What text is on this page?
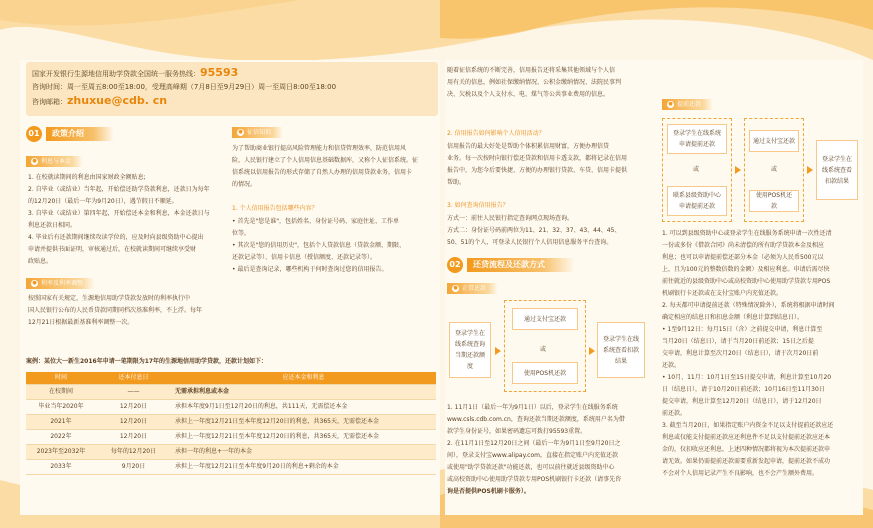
国家开发银行生源地信用助学贷款全国统一服务热线：95593
咨询时间：周一至周五8:00至18:00，受理高峰期（7月8日至9月29日）周一至周日8:00至18:00
咨询邮箱：zhuxue@cdb. cn
01	政策介绍
● 利息与本金

1. 在校就读期间的利息由国家财政全额贴息;

2. 自毕业（或结业）当年起，开始偿还助学贷款利息，还款日为每年

的12月20日（最后一年为9月20日），遇节假日不顺延。

3. 自毕业（或结业）第四年起，开始偿还本金和利息，本金还款日与

利息还款日相同。

4. 毕业后有还款期间继续攻读学位的，应及时向县级资助中心提出

申请并提供书面证明，审核通过后，在校就读期间可继续享受财

政贴息。

● 利率及利率调整

按照国家有关规定，生源地信用助学贷款发放时的利率执行中

国人民银行公布的人民币贷款同期同档次基准利率，不上浮。每年

12月21日根据最新基准利率调整一次。

案例：某位大一新生2016年申请一笔期限为17年的生源地信用助学贷款，还款计划如下：
时间	还本付息日	应还本金和利息
在校期间	——	无需承担利息或本金
毕业当年2020年	12月20日	承担本年度9月1日至12月20日的利息，共111天，无需偿还本金
2021年	12月20日	承担上一年度12月21日至本年度12月20日的利息，共365天，无需偿还本金
2022年	12月20日	承担上一年度12月21日至本年度12月20日的利息，共365天，无需偿还本金
2023年至2032年	每年的12月20日	承担一年的利息+一年的本金
2033年	9月20日	承担上一年度12月21日至本年度9月20日的利息+剩余的本金
● 征信知识

为了帮助商业银行提高风险管理能力和信贷管理效率，防范信用风

险，人民银行建立了个人信用信息基础数据库，又称个人征信系统。征

信系统以信用报告的形式存储了自然人办理的信用贷款业务，信用卡

的情况。

1. 个人信用报告包括哪些内容？

• 首先是"您是谁"，包括姓名、身份证号码、家庭住址、工作单

位等。

• 其次是"您的信用历史"，包括个人贷款信息（贷款金额、期限、

还款记录等）、信用卡信息（授信额度、还款记录等）。

• 最后是查询记录，哪些机构于何时查询过您的信用报告。

随着征信系统的不断完善，信用报告还将采集其他领域与个人信

用有关的信息，例如社保缴纳情况、公积金缴纳情况、法院民事判

决、欠税以及个人支付水、电、煤气等公共事业费用的信息。

2. 信用报告如何影响个人信用活动？

信用报告的最大好处是帮助个体积累信用财富，方便办理信贷

业务。每一次按时向银行偿还贷款和信用卡透支款，都将记录在信用

报告中，为您今后要快捷、方便的办理银行贷款、车贷、信用卡提供

帮助。

3. 如何查询信用报告？

方式一：前往人民银行指定查询网点现场查询。

方式二：身份证号码前两位为11、21、32、37、43、44、45、

50、51的个人，可登录人民银行个人信用信息服务平台查询。

02	还贷流程及还款方式
● 正常还款
登录学生在线系统查询当期还款额度
通过支付宝还款
或
使用POS机还款
登录学生在线系统查看扣款结果

1. 11月1日（最后一年为9月1日）以后，登录学生在线服务系统

www.csls.cdb.com.cn，查询还款当期还款额度，系统用户名为借

款学生身份证号，如果密码遗忘可拨打95593重置。

2. 在11月1日至12月20日之间（最后一年为9月1日至9月20日之

间），登录支付宝www.alipay.com，直接在指定账户内充值还款

或使用"助学贷款还款"功能还款，也可以前往就近县级资助中心

或高校资助中心使用助学贷款专用POS机刷银行卡还款（请事先咨

询是否提供POS机刷卡服务）。

● 提前还款
登录学生在线系统申请提前还款
或
联系县级资助中心申请提前还款
通过支付宝还款
或
使用POS机还款
登录学生在线系统查看扣款结果

1. 可以到县级资助中心或登录学生在线服务系统申请一次性还清

一份或多份《借款合同》尚未清偿的所有助学贷款本金及相应

利息；也可以申请提前偿还部分本金（必须为人民币500元以

上，且为100元的整数倍数的金额）及相应利息。申请后需尽快

前往就近的县级资助中心或高校资助中心使用助学贷款专用POS

机刷银行卡还款或在支付宝账户内充值还款。

2. 每天都可申请提前还款（特殊情况除外），系统将根据申请时间

确定相应的结息日和扣息金额（利息计算到结息日）。

• 1至9月12日：每月15日（含）之前提交申请，利息计算至

当月20日（结息日），请于当月20日前还款；15日之后提

交申请，利息计算至次月20日（结息日），请于次月20日前

还款。

• 10月、11月：10月1日至15日提交申请，利息计算至10月20

日（结息日），请于10月20日前还款；10月16日至11月30日

提交申请，利息计算至12月20日（结息日），请于12月20日

前还款。

3. 截至当月20日，如果指定账户内资金不足以支付提前还款应还

利息或仅能支付提前还款应还利息件不足以支付提前还款应还本

金的，仅扣收应还利息，上述四种情况都将视为本次提前还款申

请无效。如果仍需提前还款需要重新发起申请，提前还款不成功

不会对个人信用记录产生不良影响，也不会产生额外费用。
